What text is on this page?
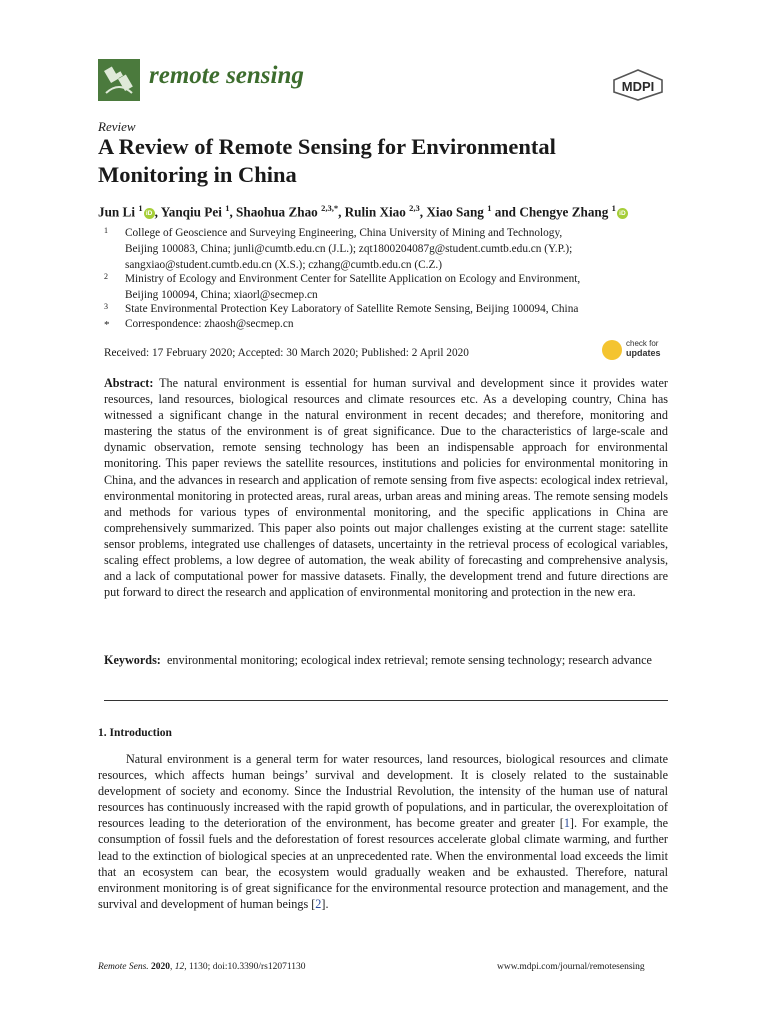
remote sensing	MDPI
Review
A Review of Remote Sensing for Environmental Monitoring in China
Jun Li $^1$iD , Yanqiu Pei $^1$, Shaohua Zhao $^{2,3,*}$, Rulin Xiao $^{2,3}$, Xiao Sang $^1$ and Chengye Zhang $^1$iD
1 College of Geoscience and Surveying Engineering, China University of Mining and Technology,
Beijing 100083, China; junli@cumtb.edu.cn (J.L.); zqt1800204087g@student.cumtb.edu.cn (Y.P.);
sangxiao@student.cumtb.edu.cn (X.S.); czhang@cumtb.edu.cn (C.Z.)
2 Ministry of Ecology and Environment Center for Satellite Application on Ecology and Environment,
Beijing 100094, China; xiaorl@secmep.cn
3 State Environmental Protection Key Laboratory of Satellite Remote Sensing, Beijing 100094, China
* Correspondence: zhaosh@secmep.cn
Received: 17 February 2020; Accepted: 30 March 2020; Published: 2 April 2020
check for
updates
Abstract: The natural environment is essential for human survival and development since it provides water resources, land resources, biological resources and climate resources etc. As a developing country, China has witnessed a significant change in the natural environment in recent decades; and therefore, monitoring and mastering the status of the environment is of great significance. Due to the characteristics of large-scale and dynamic observation, remote sensing technology has been an indispensable approach for environmental monitoring. This paper reviews the satellite resources, institutions and policies for environmental monitoring in China, and the advances in research and application of remote sensing from five aspects: ecological index retrieval, environmental monitoring in protected areas, rural areas, urban areas and mining areas. The remote sensing models and methods for various types of environmental monitoring, and the specific applications in China are comprehensively summarized. This paper also points out major challenges existing at the current stage: satellite sensor problems, integrated use challenges of datasets, uncertainty in the retrieval process of ecological variables, scaling effect problems, a low degree of automation, the weak ability of forecasting and comprehensive analysis, and a lack of computational power for massive datasets. Finally, the development trend and future directions are put forward to direct the research and application of environmental monitoring and protection in the new era.
Keywords: environmental monitoring; ecological index retrieval; remote sensing technology; research advance
1. Introduction
Natural environment is a general term for water resources, land resources, biological resources and climate resources, which affects human beings’ survival and development. It is closely related to the sustainable development of society and economy. Since the Industrial Revolution, the intensity of the human use of natural resources has continuously increased with the rapid growth of populations, and in particular, the overexploitation of resources leading to the deterioration of the environment, has become greater and greater [1]. For example, the consumption of fossil fuels and the deforestation of forest resources accelerate global climate warming, and further lead to the extinction of biological species at an unprecedented rate. When the environmental load exceeds the limit that an ecosystem can bear, the ecosystem would gradually weaken and be exhausted. Therefore, natural environment monitoring is of great significance for the environmental resource protection and management, and the survival and development of human beings [2].
Remote Sens. 2020, 12, 1130; doi:10.3390/rs12071130	www.mdpi.com/journal/remotesensing
